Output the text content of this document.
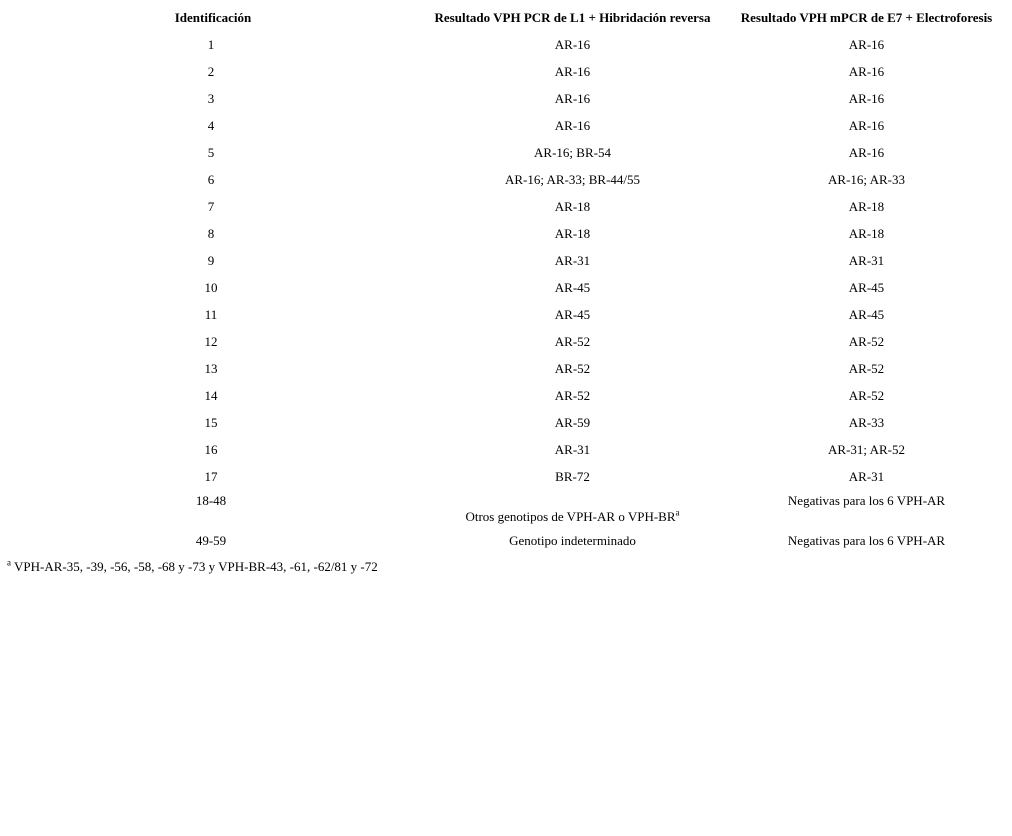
Identificación	Resultado VPH PCR de L1 + Hibridación reversa	Resultado VPH mPCR de E7 + Electroforesis
1	AR-16	AR-16
2	AR-16	AR-16
3	AR-16	AR-16
4	AR-16	AR-16
5	AR-16; BR-54	AR-16
6	AR-16; AR-33; BR-44/55	AR-16; AR-33
7	AR-18	AR-18
8	AR-18	AR-18
9	AR-31	AR-31
10	AR-45	AR-45
11	AR-45	AR-45
12	AR-52	AR-52
13	AR-52	AR-52
14	AR-52	AR-52
15	AR-59	AR-33
16	AR-31	AR-31; AR-52
17	BR-72	AR-31
18-48	Otros genotipos de VPH-AR o VPH-$BR^a$	Negativas para los 6 VPH-AR
49-59	Genotipo indeterminado	Negativas para los 6 VPH-AR
$^a$ VPH-AR-35, -39, -56, -58, -68 y -73 y VPH-BR-43, -61, -62/81 y -72
